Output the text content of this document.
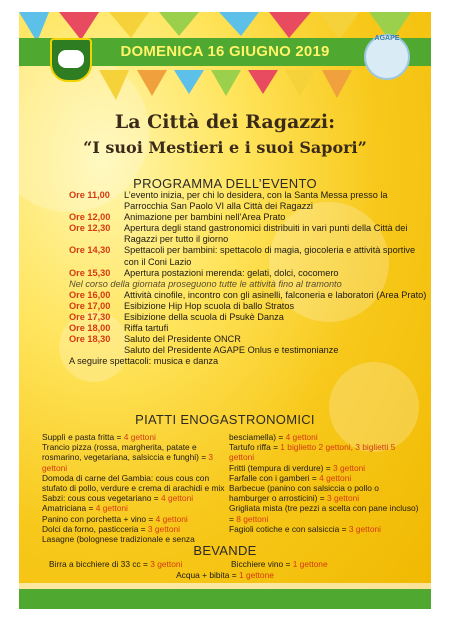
DOMENICA 16 GIUGNO 2019
AGAPE
La Città dei Ragazzi:
“I suoi Mestieri e i suoi Sapori”
PROGRAMMA DELL’EVENTO
Ore 11,00	L’evento inizia, per chi lo desidera, con la Santa Messa presso la Parrocchia San Paolo VI alla Città dei Ragazzi
Ore 12,00	Animazione per bambini nell’Area Prato
Ore 12,30	Apertura degli stand gastronomici distribuiti in vari punti della Città dei Ragazzi per tutto il giorno
Ore 14,30	Spettacoli per bambini: spettacolo di magia, giocoleria e attività sportive con il Coni Lazio
Ore 15,30	Apertura postazioni merenda: gelati, dolci, cocomero
Nel corso della giornata proseguono tutte le attività fino al tramonto
Ore 16,00	Attività cinofile, incontro con gli asinelli, falconeria e laboratori (Area Prato)
Ore 17,00	Esibizione Hip Hop scuola di ballo Stratos
Ore 17,30	Esibizione della scuola di Psukè Danza
Ore 18,00	Riffa tartufi
Ore 18,30	Saluto del Presidente ONCR
Saluto del Presidente AGAPE Onlus e testimonianze
A seguire spettacoli: musica e danza
PIATTI ENOGASTRONOMICI
Supplì e pasta fritta = 4 gettoni
Trancio pizza (rossa, margherita, patate e rosmarino, vegetariana, salsiccia e funghi) = 3 gettoni
Domoda di carne del Gambia: cous cous con stufato di pollo, verdure e crema di arachidi e mix Sabzi: cous cous vegetariano = 4 gettoni
Amatriciana = 4 gettoni
Panino con porchetta + vino = 4 gettoni
Dolci da forno, pasticceria = 3 gettoni
Lasagne (bolognese tradizionale e senza
besciamella) = 4 gettoni
Tartufo riffa = 1 biglietto 2 gettoni, 3 biglietti 5 gettoni
Fritti (tempura di verdure) = 3 gettoni
Farfalle con i gamberi = 4 gettoni
Barbecue (panino con salsiccia o pollo o hamburger o arrosticini) = 3 gettoni
Grigliata mista (tre pezzi a scelta con pane incluso) = 8 gettoni
Fagioli cotiche e con salsiccia = 3 gettoni
BEVANDE
Birra a bicchiere di 33 cc = 3 gettoni	Bicchiere vino = 1 gettone
Acqua + bibita = 1 gettone
